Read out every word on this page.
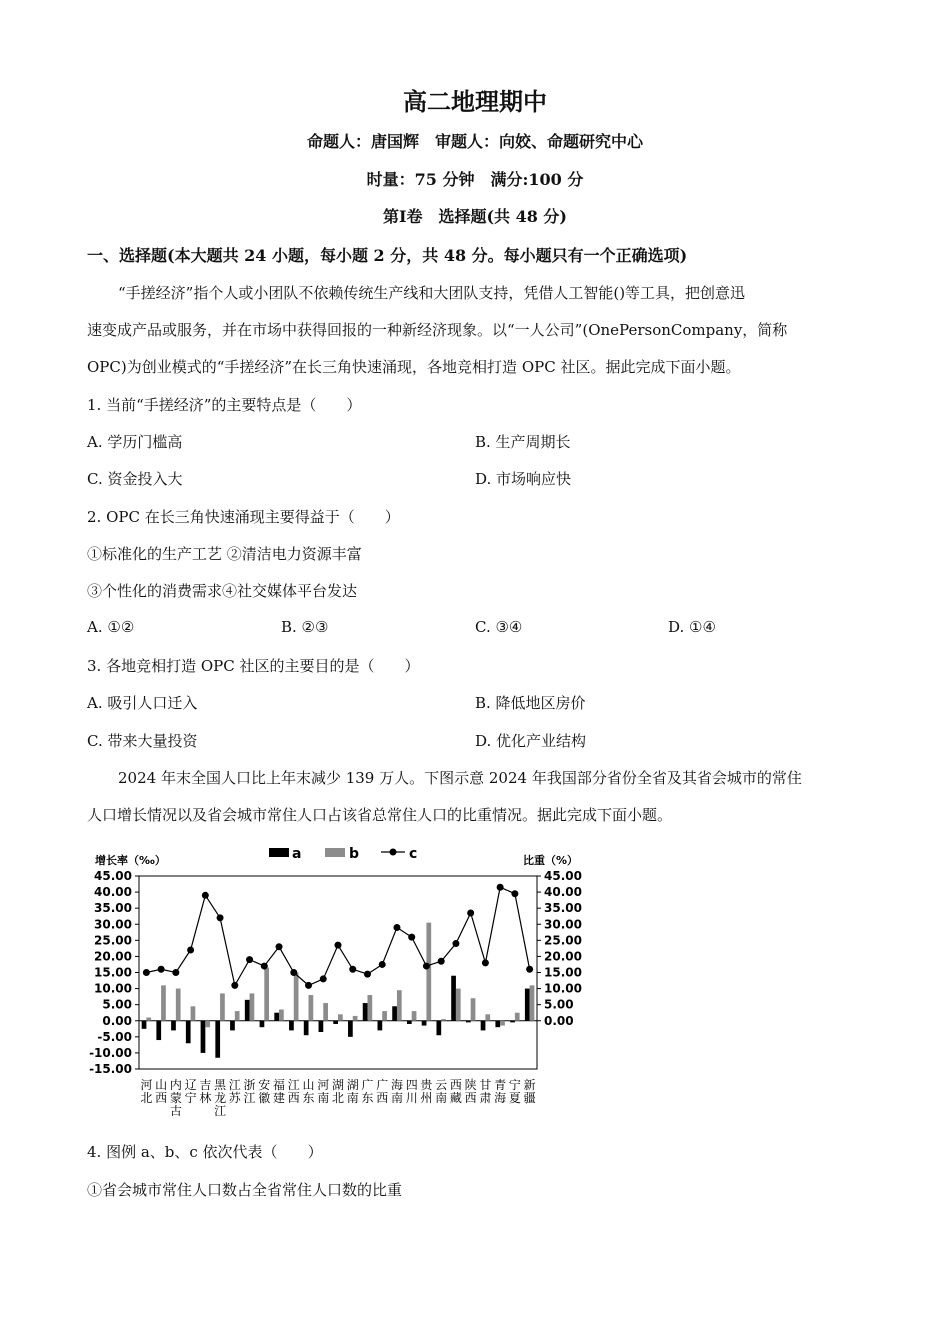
高二地理期中
命题人：唐国辉　审题人：向姣、命题研究中心
时量：75 分钟　满分:100 分
第I卷　选择题(共 48 分)
一、选择题(本大题共 24 小题，每小题 2 分，共 48 分。每小题只有一个正确选项)
“手搓经济”指个人或小团队不依赖传统生产线和大团队支持，凭借人工智能()等工具，把创意迅
速变成产品或服务，并在市场中获得回报的一种新经济现象。以“一人公司”(OnePersonCompany，简称
OPC)为创业模式的“手搓经济”在长三角快速涌现，各地竞相打造 OPC 社区。据此完成下面小题。
1. 当前“手搓经济”的主要特点是（　　）
A. 学历门槛高	B. 生产周期长
C. 资金投入大	D. 市场响应快
2. OPC 在长三角快速涌现主要得益于（　　）
①标准化的生产工艺 ②清洁电力资源丰富
③个性化的消费需求④社交媒体平台发达
A. ①②	B. ②③	C. ③④	D. ①④
3. 各地竞相打造 OPC 社区的主要目的是（　　）
A. 吸引人口迁入	B. 降低地区房价
C. 带来大量投资	D. 优化产业结构
2024 年末全国人口比上年末减少 139 万人。下图示意 2024 年我国部分省份全省及其省会城市的常住
人口增长情况以及省会城市常住人口占该省总常住人口的比重情况。据此完成下面小题。
增长率（‰）	比重（%）
45.00
40.00
35.00
30.00
25.00
20.00
15.00
10.00
5.00
0.00
-5.00
-10.00
-15.00
45.00
40.00
35.00
30.00
25.00
20.00
15.00
10.00
5.00
0.00
河
北
山
西
内
蒙
古
辽
宁
吉
林
黑
龙
江
江
苏
浙
江
安
徽
福
建
江
西
山
东
河
南
湖
北
湖
南
广
东
广
西
海
南
四
川
贵
州
云
南
西
藏
陕
西
甘
肃
青
海
宁
夏
新
疆
a	b	c
4. 图例 a、b、c 依次代表（　　）
①省会城市常住人口数占全省常住人口数的比重
